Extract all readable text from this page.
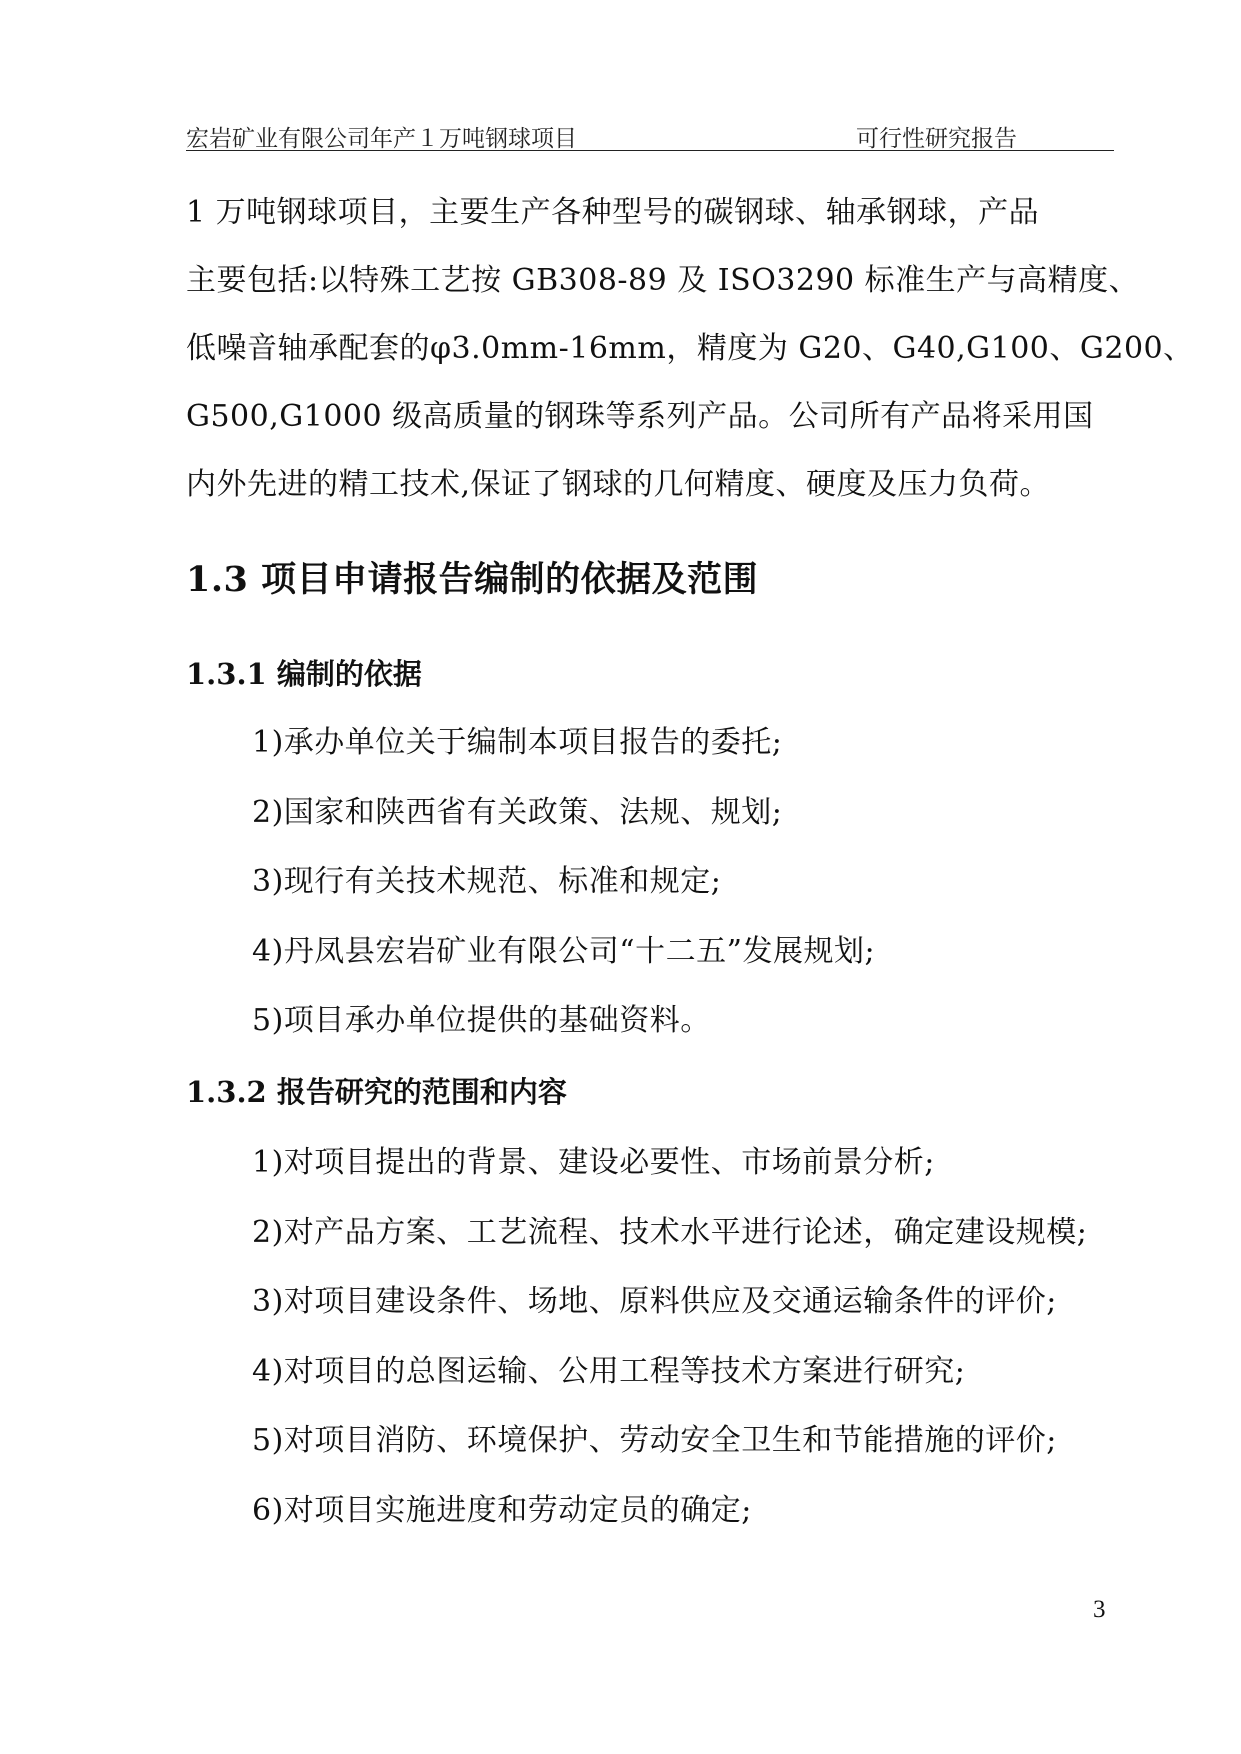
宏岩矿业有限公司年产１万吨钢球项目	可行性研究报告

1 万吨钢球项目，主要生产各种型号的碳钢球、轴承钢球，产品

主要包括:以特殊工艺按 GB308-89 及 ISO3290 标准生产与高精度、

低噪音轴承配套的φ3.0mm-16mm，精度为 G20、G40,G100、G200、

G500,G1000 级高质量的钢珠等系列产品。公司所有产品将采用国

内外先进的精工技术,保证了钢球的几何精度、硬度及压力负荷。

1.3 项目申请报告编制的依据及范围
1.3.1 编制的依据
1)承办单位关于编制本项目报告的委托;
2)国家和陕西省有关政策、法规、规划;
3)现行有关技术规范、标准和规定;
4)丹凤县宏岩矿业有限公司“十二五”发展规划;
5)项目承办单位提供的基础资料。
1.3.2 报告研究的范围和内容
1)对项目提出的背景、建设必要性、市场前景分析;
2)对产品方案、工艺流程、技术水平进行论述，确定建设规模;
3)对项目建设条件、场地、原料供应及交通运输条件的评价;
4)对项目的总图运输、公用工程等技术方案进行研究;
5)对项目消防、环境保护、劳动安全卫生和节能措施的评价;
6)对项目实施进度和劳动定员的确定;
3
